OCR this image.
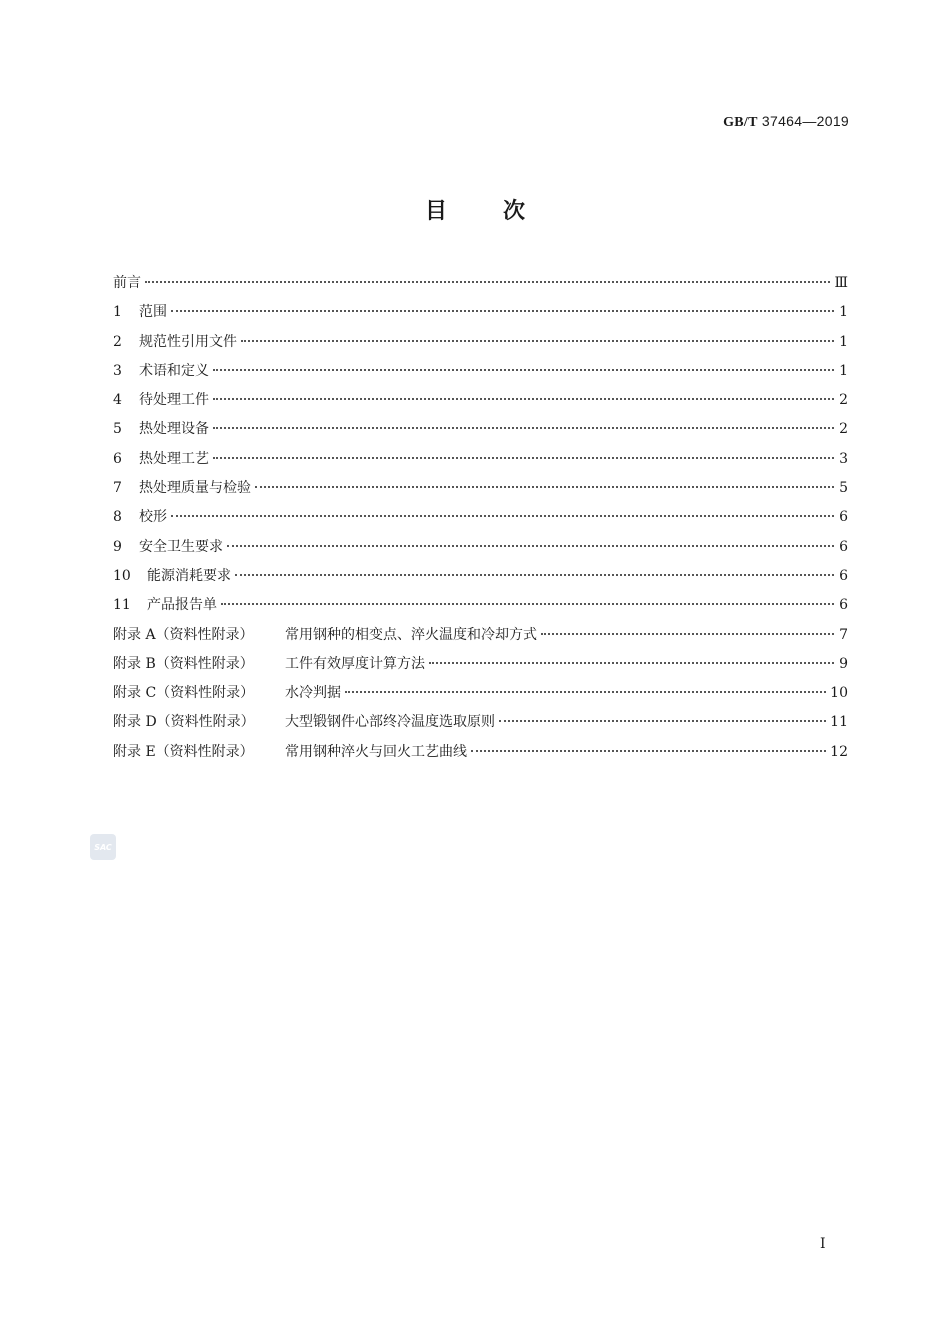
GB/T 37464—2019
目	次
前言	Ⅲ
1	范围	1
2	规范性引用文件	1
3	术语和定义	1
4	待处理工件	2
5	热处理设备	2
6	热处理工艺	3
7	热处理质量与检验	5
8	校形	6
9	安全卫生要求	6
10	能源消耗要求	6
11	产品报告单	6
附录 A（资料性附录）	常用钢种的相变点、淬火温度和冷却方式	7
附录 B（资料性附录）	工件有效厚度计算方法	9
附录 C（资料性附录）	水冷判据	10
附录 D（资料性附录）	大型锻钢件心部终冷温度选取原则	11
附录 E（资料性附录）	常用钢种淬火与回火工艺曲线	12
SAC
Ⅰ
